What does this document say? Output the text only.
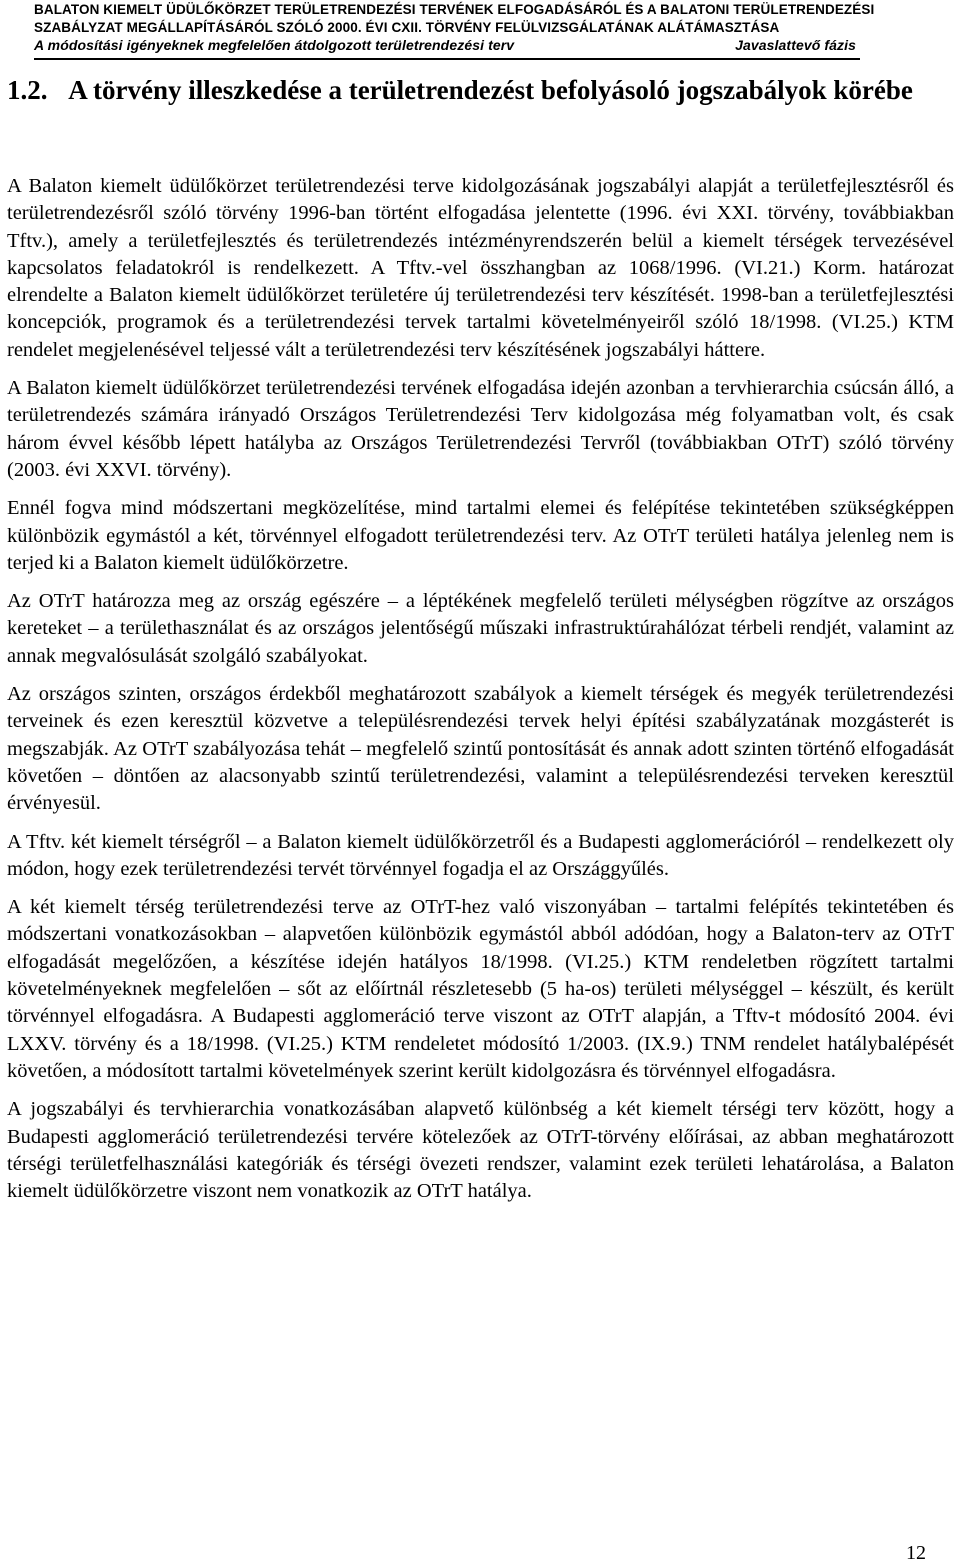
BALATON KIEMELT ÜDÜLŐKÖRZET TERÜLETRENDEZÉSI TERVÉNEK ELFOGADÁSÁRÓL ÉS A BALATONI TERÜLETRENDEZÉSI
SZABÁLYZAT MEGÁLLAPÍTÁSÁRÓL SZÓLÓ 2000. ÉVI CXII. TÖRVÉNY FELÜLVIZSGÁLATÁNAK ALÁTÁMASZTÁSA
A módosítási igényeknek megfelelően átdolgozott területrendezési terv	Javaslattevő fázis
1.2. A törvény illeszkedése a területrendezést befolyásoló jogszabályok körébe

A Balaton kiemelt üdülőkörzet területrendezési terve kidolgozásának jogszabályi alapját a területfejlesztésről és területrendezésről szóló törvény 1996-ban történt elfogadása jelentette (1996. évi XXI. törvény, továbbiakban Tftv.), amely a területfejlesztés és területrendezés intézményrendszerén belül a kiemelt térségek tervezésével kapcsolatos feladatokról is rendelkezett. A Tftv.-vel összhangban az 1068/1996. (VI.21.) Korm. határozat elrendelte a Balaton kiemelt üdülőkörzet területére új területrendezési terv készítését. 1998-ban a területfejlesztési koncepciók, programok és a területrendezési tervek tartalmi követelményeiről szóló 18/1998. (VI.25.) KTM rendelet megjelenésével teljessé vált a területrendezési terv készítésének jogszabályi háttere.

A Balaton kiemelt üdülőkörzet területrendezési tervének elfogadása idején azonban a tervhierarchia csúcsán álló, a területrendezés számára irányadó Országos Területrendezési Terv kidolgozása még folyamatban volt, és csak három évvel később lépett hatályba az Országos Területrendezési Tervről (továbbiakban OTrT) szóló törvény (2003. évi XXVI. törvény).

Ennél fogva mind módszertani megközelítése, mind tartalmi elemei és felépítése tekintetében szükségképpen különbözik egymástól a két, törvénnyel elfogadott területrendezési terv. Az OTrT területi hatálya jelenleg nem is terjed ki a Balaton kiemelt üdülőkörzetre.

Az OTrT határozza meg az ország egészére – a léptékének megfelelő területi mélységben rögzítve az országos kereteket – a területhasználat és az országos jelentőségű műszaki infrastruktúrahálózat térbeli rendjét, valamint az annak megvalósulását szolgáló szabályokat.

Az országos szinten, országos érdekből meghatározott szabályok a kiemelt térségek és megyék területrendezési terveinek és ezen keresztül közvetve a településrendezési tervek helyi építési szabályzatának mozgásterét is megszabják. Az OTrT szabályozása tehát – megfelelő szintű pontosítását és annak adott szinten történő elfogadását követően – döntően az alacsonyabb szintű területrendezési, valamint a településrendezési terveken keresztül érvényesül.

A Tftv. két kiemelt térségről – a Balaton kiemelt üdülőkörzetről és a Budapesti agglomerációról – rendelkezett oly módon, hogy ezek területrendezési tervét törvénnyel fogadja el az Országgyűlés.

A két kiemelt térség területrendezési terve az OTrT-hez való viszonyában – tartalmi felépítés tekintetében és módszertani vonatkozásokban – alapvetően különbözik egymástól abból adódóan, hogy a Balaton-terv az OTrT elfogadását megelőzően, a készítése idején hatályos 18/1998. (VI.25.) KTM rendeletben rögzített tartalmi követelményeknek megfelelően – sőt az előírtnál részletesebb (5 ha-os) területi mélységgel – készült, és került törvénnyel elfogadásra. A Budapesti agglomeráció terve viszont az OTrT alapján, a Tftv-t módosító 2004. évi LXXV. törvény és a 18/1998. (VI.25.) KTM rendeletet módosító 1/2003. (IX.9.) TNM rendelet hatálybalépését követően, a módosított tartalmi követelmények szerint került kidolgozásra és törvénnyel elfogadásra.

A jogszabályi és tervhierarchia vonatkozásában alapvető különbség a két kiemelt térségi terv között, hogy a Budapesti agglomeráció területrendezési tervére kötelezőek az OTrT-törvény előírásai, az abban meghatározott térségi területfelhasználási kategóriák és térségi övezeti rendszer, valamint ezek területi lehatárolása, a Balaton kiemelt üdülőkörzetre viszont nem vonatkozik az OTrT hatálya.

12
